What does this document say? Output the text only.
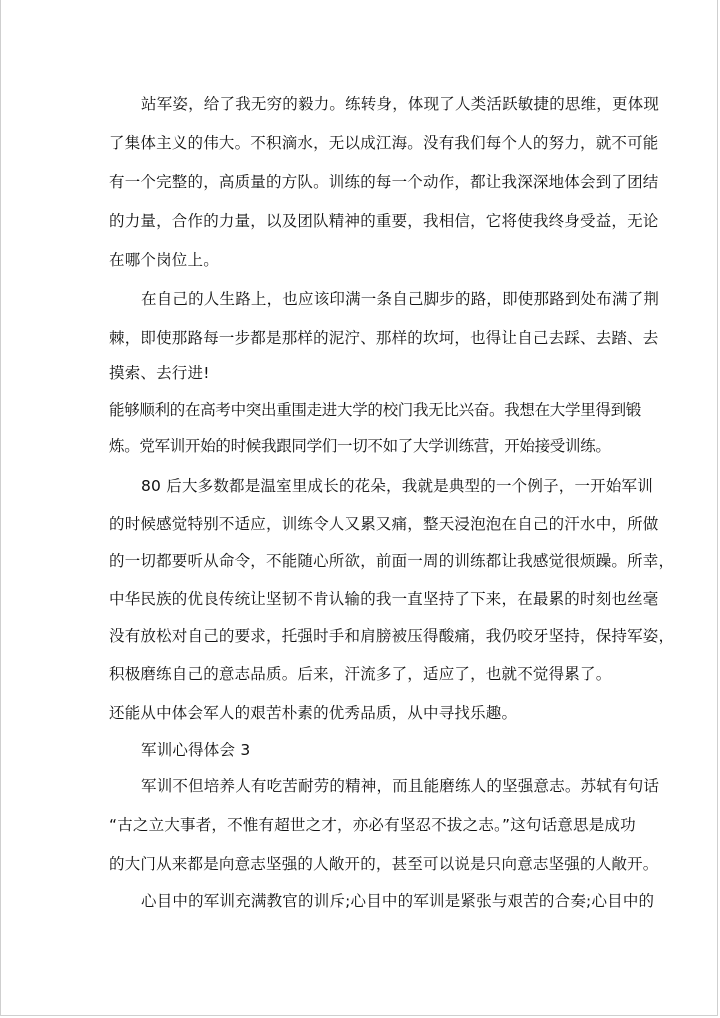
站军姿，给了我无穷的毅力。练转身，体现了人类活跃敏捷的思维，更体现
了集体主义的伟大。不积滴水，无以成江海。没有我们每个人的努力，就不可能
有一个完整的，高质量的方队。训练的每一个动作，都让我深深地体会到了团结
的力量，合作的力量，以及团队精神的重要，我相信，它将使我终身受益，无论
在哪个岗位上。
在自己的人生路上，也应该印满一条自己脚步的路，即使那路到处布满了荆
棘，即使那路每一步都是那样的泥泞、那样的坎坷，也得让自己去踩、去踏、去
摸索、去行进!
能够顺利的在高考中突出重围走进大学的校门我无比兴奋。我想在大学里得到锻
炼。党军训开始的时候我跟同学们一切不如了大学训练营，开始接受训练。
80 后大多数都是温室里成长的花朵，我就是典型的一个例子，一开始军训
的时候感觉特别不适应，训练令人又累又痛，整天浸泡泡在自己的汗水中，所做
的一切都要听从命令，不能随心所欲，前面一周的训练都让我感觉很烦躁。所幸，
中华民族的优良传统让坚韧不肯认输的我一直坚持了下来，在最累的时刻也丝毫
没有放松对自己的要求，托强时手和肩膀被压得酸痛，我仍咬牙坚持，保持军姿，
积极磨练自己的意志品质。后来，汗流多了，适应了，也就不觉得累了。
还能从中体会军人的艰苦朴素的优秀品质，从中寻找乐趣。
军训心得体会 3
军训不但培养人有吃苦耐劳的精神，而且能磨练人的坚强意志。苏轼有句话
“古之立大事者，不惟有超世之才，亦必有坚忍不拔之志。”这句话意思是成功
的大门从来都是向意志坚强的人敞开的，甚至可以说是只向意志坚强的人敞开。
心目中的军训充满教官的训斥;心目中的军训是紧张与艰苦的合奏;心目中的
